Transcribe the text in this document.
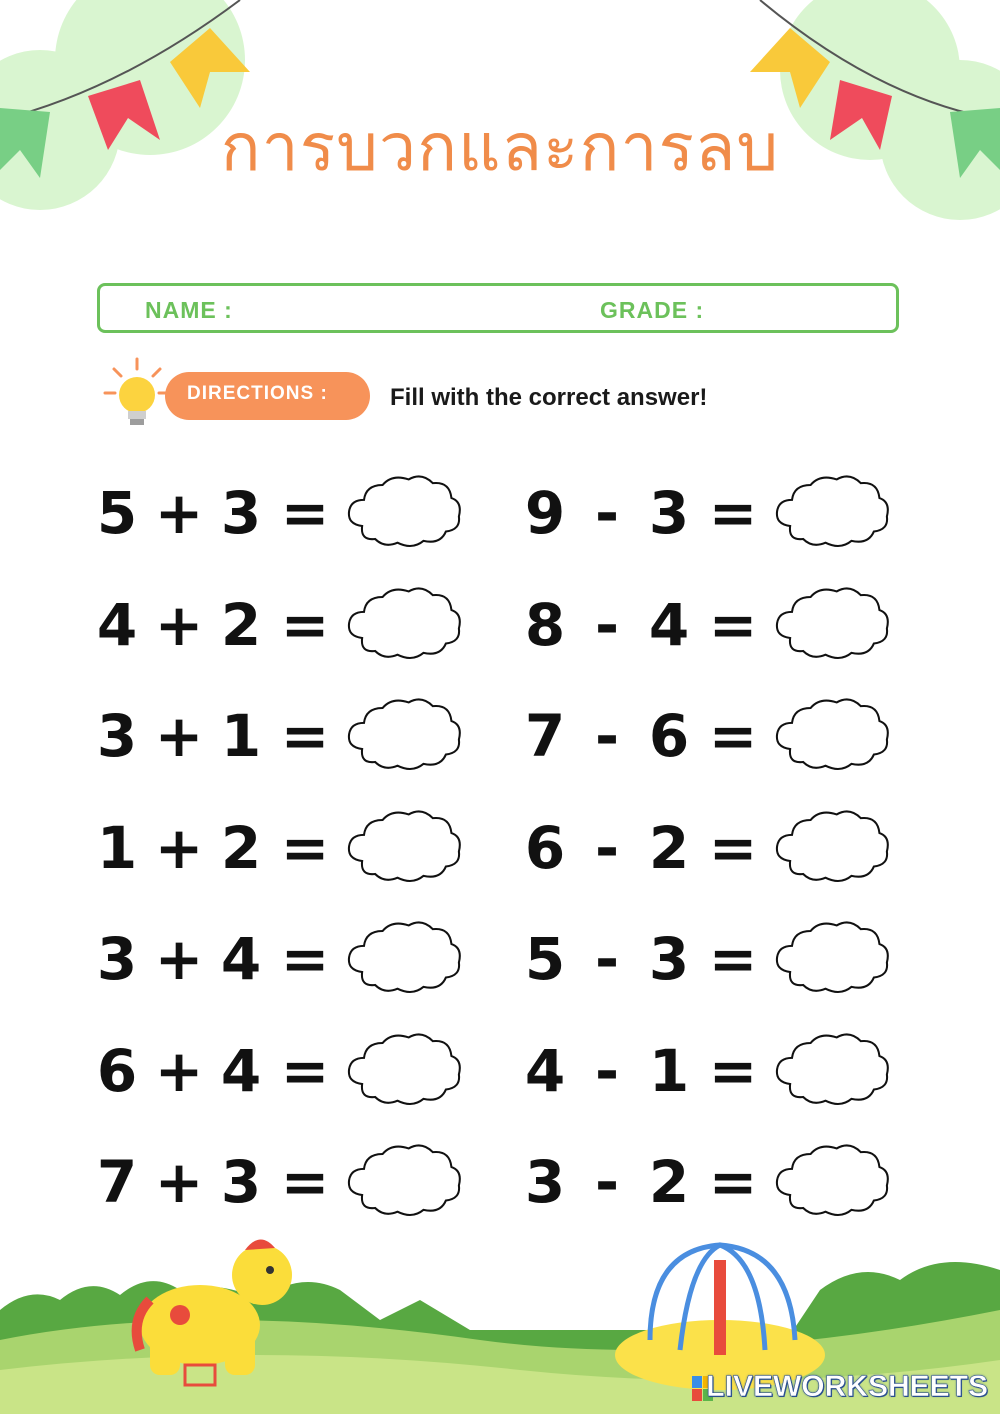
การบวกและการลบ
NAME :	GRADE :
DIRECTIONS :	Fill with the correct answer!
5 + 3 =	9 - 3 =
4 + 2 =	8 - 4 =
3 + 1 =	7 - 6 =
1 + 2 =	6 - 2 =
3 + 4 =	5 - 3 =
6 + 4 =	4 - 1 =
7 + 3 =	3 - 2 =
LIVEWORKSHEETS
